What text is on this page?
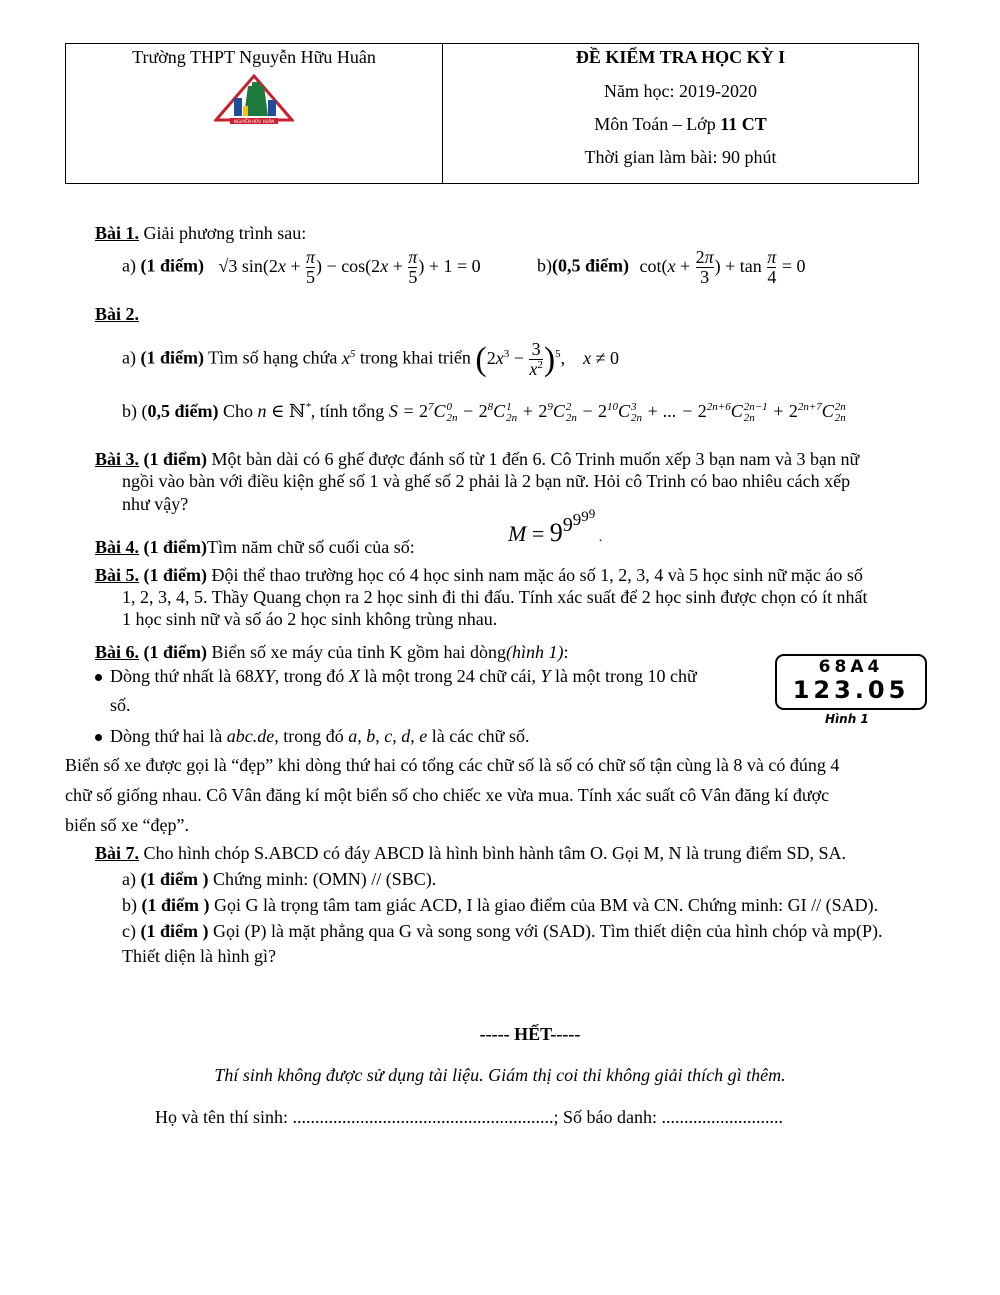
Trường THPT Nguyễn Hữu Huân
NGUYỄN HỮU HUÂN

ĐỀ KIỂM TRA HỌC KỲ I
Năm học: 2019-2020
Môn Toán – Lớp 11 CT
Thời gian làm bài: 90 phút
Bài 1. Giải phương trình sau:
a) (1 điểm) √3 $\sin(2x + \frac{\pi}{5}$ ) − $\cos(2x + \frac{\pi}{5}$ ) + 1 = 0	b)(0,5 điểm) $\cot(x + \frac{2\pi}{3}$ ) + $\tan \frac{\pi}{4} = 0$
Bài 2.
a) (1 điểm) Tìm số hạng chứa $x^5$ trong khai triển $(2x^3 - \frac{3}{x^2} )^5$,    x ≠ 0
b) (0,5 điểm) Cho n ∈ ℕ*, tính tổng $S = 2^7C$ 0
$2n - 2^8C$ 1
$2n + 2^9C$ 2
$2n - 2^{10}C$ 3
2n + ... − $2^{2n+6}C$ 2n−1
$2n + 2^{2n+7}C$ 2n
2n
Bài 3. (1 điểm) Một bàn dài có 6 ghế được đánh số từ 1 đến 6. Cô Trinh muốn xếp 3 bạn nam và 3 bạn nữ
ngồi vào bàn với điều kiện ghế số 1 và ghế số 2 phải là 2 bạn nữ. Hỏi cô Trinh có bao nhiêu cách xếp
như vậy?
Bài 4. (1 điểm)Tìm năm chữ số cuối của số:
$M = 99^{999}$ .
Bài 5. (1 điểm) Đội thể thao trường học có 4 học sinh nam mặc áo số 1, 2, 3, 4 và 5 học sinh nữ mặc áo số
1, 2, 3, 4, 5. Thầy Quang chọn ra 2 học sinh đi thi đấu. Tính xác suất để 2 học sinh được chọn có ít nhất
1 học sinh nữ và số áo 2 học sinh không trùng nhau.
Bài 6. (1 điểm) Biển số xe máy của tỉnh K gồm hai dòng(hình 1):
Dòng thứ nhất là 68XY, trong đó X là một trong 24 chữ cái, Y là một trong 10 chữ
số.
Dòng thứ hai là abc.de, trong đó a, b, c, d, e là các chữ số.
68A4
123.05
Hình 1
Biển số xe được gọi là “đẹp” khi dòng thứ hai có tổng các chữ số là số có chữ số tận cùng là 8 và có đúng 4
chữ số giống nhau. Cô Vân đăng kí một biển số cho chiếc xe vừa mua. Tính xác suất cô Vân đăng kí được
biển số xe “đẹp”.
Bài 7. Cho hình chóp S.ABCD có đáy ABCD là hình bình hành tâm O. Gọi M, N là trung điểm SD, SA.
a) (1 điểm ) Chứng minh: (OMN) // (SBC).
b) (1 điểm ) Gọi G là trọng tâm tam giác ACD, I là giao điểm của BM và CN. Chứng minh: GI // (SAD).
c) (1 điểm ) Gọi (P) là mặt phẳng qua G và song song với (SAD). Tìm thiết diện của hình chóp và mp(P).
Thiết diện là hình gì?
----- HẾT-----
Thí sinh không được sử dụng tài liệu. Giám thị coi thi không giải thích gì thêm.
Họ và tên thí sinh: ..........................................................; Số báo danh: ...........................
